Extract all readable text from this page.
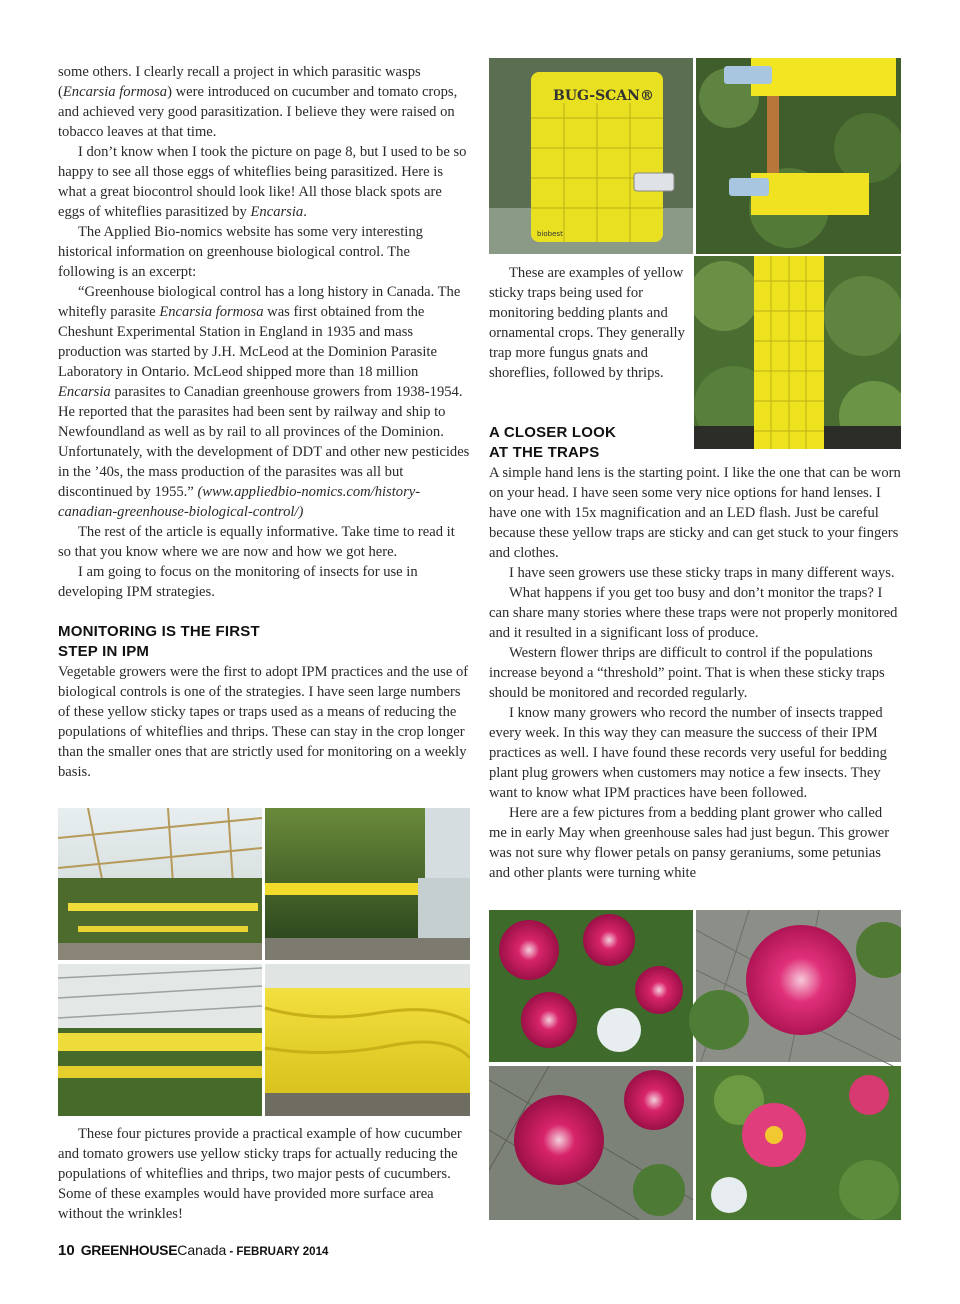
some others. I clearly recall a project in which parasitic wasps (Encarsia formosa) were introduced on cucumber and tomato crops, and achieved very good parasitization. I believe they were raised on tobacco leaves at that time.

I don’t know when I took the picture on page 8, but I used to be so happy to see all those eggs of whiteflies being parasitized. Here is what a great biocontrol should look like! All those black spots are eggs of whiteflies parasitized by Encarsia.

The Applied Bio-nomics website has some very interesting historical information on greenhouse biological control. The following is an excerpt:

“Greenhouse biological control has a long history in Canada. The whitefly parasite Encarsia formosa was first obtained from the Cheshunt Experimental Station in England in 1935 and mass production was started by J.H. McLeod at the Dominion Parasite Laboratory in Ontario. McLeod shipped more than 18 million Encarsia parasites to Canadian greenhouse growers from 1938-1954. He reported that the parasites had been sent by railway and ship to Newfoundland as well as by rail to all provinces of the Dominion. Unfortunately, with the development of DDT and other new pesticides in the ’40s, the mass production of the parasites was all but discontinued by 1955.” (www.appliedbio-nomics.com/history-canadian-greenhouse-biological-control/)

The rest of the article is equally informative. Take time to read it so that you know where we are now and how we got here.

I am going to focus on the monitoring of insects for use in developing IPM strategies.

MONITORING IS THE FIRST
STEP IN IPM

Vegetable growers were the first to adopt IPM practices and the use of biological controls is one of the strategies. I have seen large numbers of these yellow sticky tapes or traps used as a means of reducing the populations of whiteflies and thrips. These can stay in the crop longer than the smaller ones that are strictly used for monitoring on a weekly basis.

These four pictures provide a practical example of how cucumber and tomato growers use yellow sticky traps for actually reducing the populations of whiteflies and thrips, two major pests of cucumbers. Some of these examples would have provided more surface area without the wrinkles!

BUG-SCAN®
biobest

These are examples of yellow sticky traps being used for monitoring bedding plants and ornamental crops. They generally trap more fungus gnats and shoreflies, followed by thrips.

A CLOSER LOOK
AT THE TRAPS

A simple hand lens is the starting point. I like the one that can be worn on your head. I have seen some very nice options for hand lenses. I have one with 15x magnification and an LED flash. Just be careful because these yellow traps are sticky and can get stuck to your fingers and clothes.

I have seen growers use these sticky traps in many different ways.

What happens if you get too busy and don’t monitor the traps? I can share many stories where these traps were not properly monitored and it resulted in a significant loss of produce.

Western flower thrips are difficult to control if the populations increase beyond a “threshold” point. That is when these sticky traps should be monitored and recorded regularly.

I know many growers who record the number of insects trapped every week. In this way they can measure the success of their IPM practices as well. I have found these records very useful for bedding plant plug growers when customers may notice a few insects. They want to know what IPM practices have been followed.

Here are a few pictures from a bedding plant grower who called me in early May when greenhouse sales had just begun. This grower was not sure why flower petals on pansy geraniums, some petunias and other plants were turning white

10 GREENHOUSECanada - FEBRUARY 2014
